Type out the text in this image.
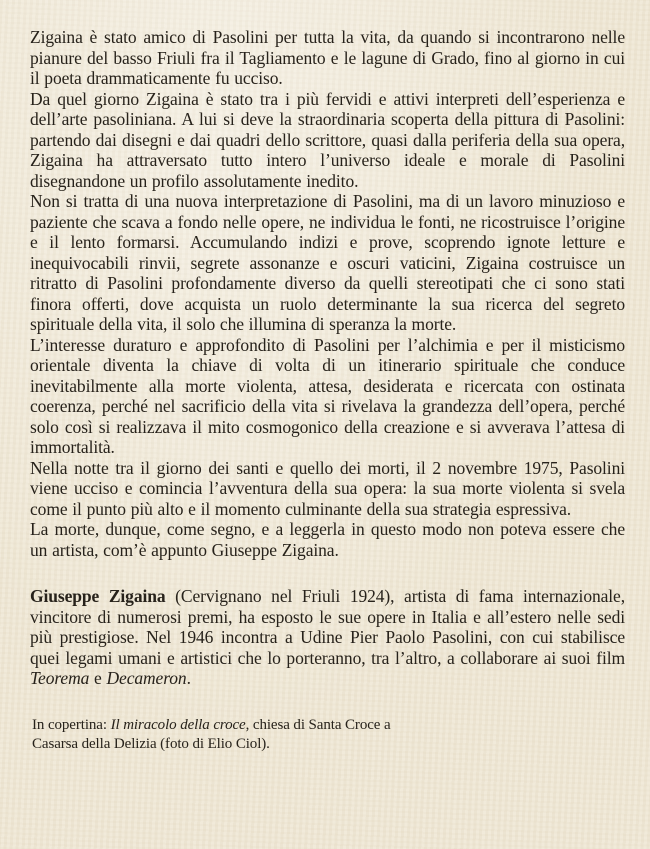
Zigaina è stato amico di Pasolini per tutta la vita, da quando si incontrarono nelle pianure del basso Friuli fra il Tagliamento e le lagune di Grado, fino al giorno in cui il poeta drammaticamente fu ucciso.

Da quel giorno Zigaina è stato tra i più fervidi e attivi interpreti dell’esperienza e dell’arte pasoliniana. A lui si deve la straordinaria scoperta della pittura di Pasolini: partendo dai disegni e dai quadri dello scrittore, quasi dalla periferia della sua opera, Zigaina ha attraversato tutto intero l’universo ideale e morale di Pasolini disegnandone un profilo assolutamente inedito.

Non si tratta di una nuova interpretazione di Pasolini, ma di un lavoro minuzioso e paziente che scava a fondo nelle opere, ne individua le fonti, ne ricostruisce l’origine e il lento formarsi. Accumulando indizi e prove, scoprendo ignote letture e inequivocabili rinvii, segrete assonanze e oscuri vaticini, Zigaina costruisce un ritratto di Pasolini profondamente diverso da quelli stereotipati che ci sono stati finora offerti, dove acquista un ruolo determinante la sua ricerca del segreto spirituale della vita, il solo che illumina di speranza la morte.

L’interesse duraturo e approfondito di Pasolini per l’alchimia e per il misticismo orientale diventa la chiave di volta di un itinerario spirituale che conduce inevitabilmente alla morte violenta, attesa, desiderata e ricercata con ostinata coerenza, perché nel sacrificio della vita si rivelava la grandezza dell’opera, perché solo così si realizzava il mito cosmogonico della creazione e si avverava l’attesa di immortalità.

Nella notte tra il giorno dei santi e quello dei morti, il 2 novembre 1975, Pasolini viene ucciso e comincia l’avventura della sua opera: la sua morte violenta si svela come il punto più alto e il momento culminante della sua strategia espressiva.

La morte, dunque, come segno, e a leggerla in questo modo non poteva essere che un artista, com’è appunto Giuseppe Zigaina.

Giuseppe Zigaina (Cervignano nel Friuli 1924), artista di fama internazionale, vincitore di numerosi premi, ha esposto le sue opere in Italia e all’estero nelle sedi più prestigiose. Nel 1946 incontra a Udine Pier Paolo Pasolini, con cui stabilisce quei legami umani e artistici che lo porteranno, tra l’altro, a collaborare ai suoi film Teorema e Decameron.

In copertina: Il miracolo della croce, chiesa di Santa Croce a Casarsa della Delizia (foto di Elio Ciol).
